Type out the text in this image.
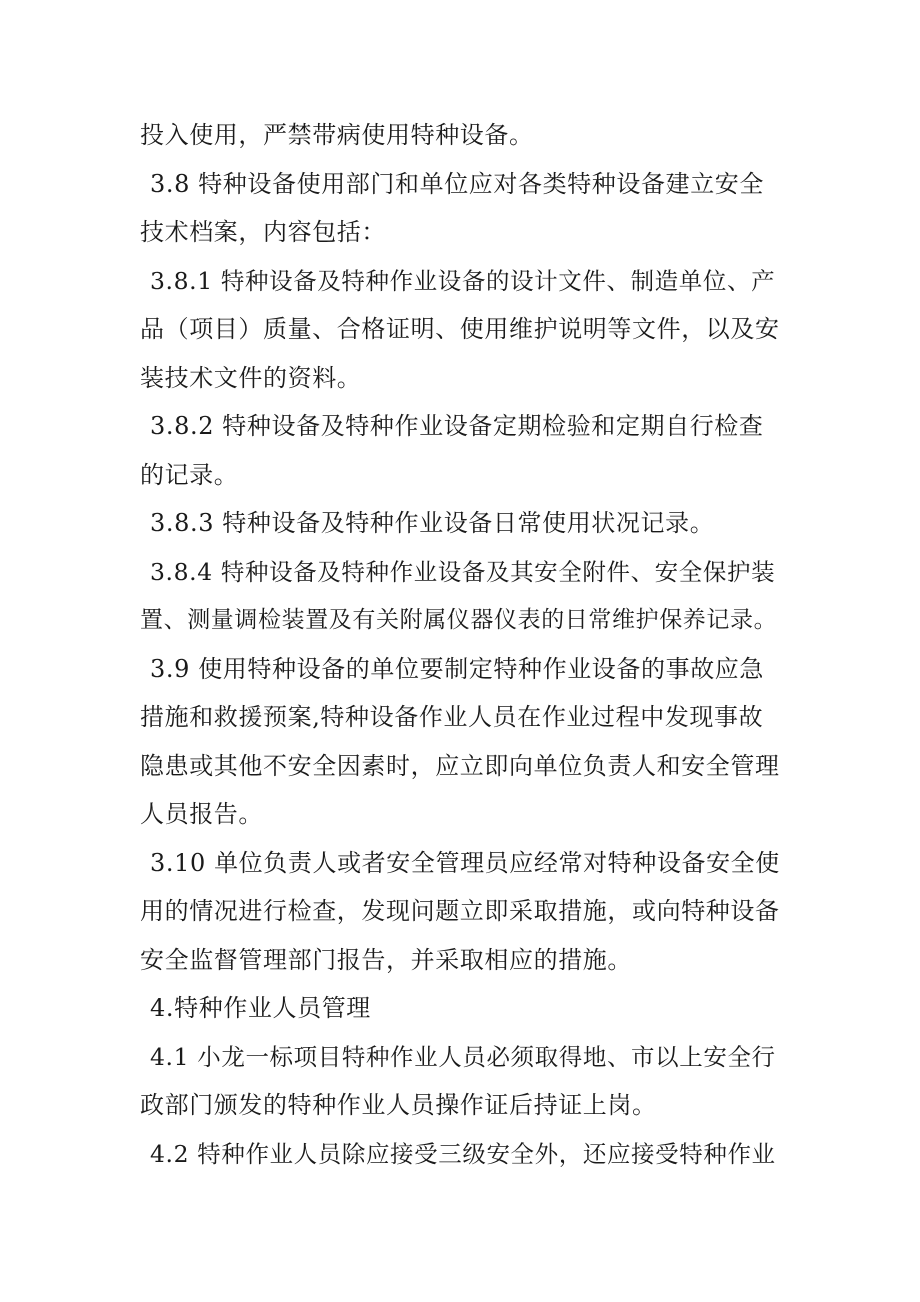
投入使用，严禁带病使用特种设备。
3.8 特种设备使用部门和单位应对各类特种设备建立安全
技术档案，内容包括：
3.8.1 特种设备及特种作业设备的设计文件、制造单位、产
品（项目）质量、合格证明、使用维护说明等文件，以及安
装技术文件的资料。
3.8.2 特种设备及特种作业设备定期检验和定期自行检查
的记录。
3.8.3 特种设备及特种作业设备日常使用状况记录。
3.8.4 特种设备及特种作业设备及其安全附件、安全保护装
置、测量调检装置及有关附属仪器仪表的日常维护保养记录。
3.9 使用特种设备的单位要制定特种作业设备的事故应急
措施和救援预案,特种设备作业人员在作业过程中发现事故
隐患或其他不安全因素时，应立即向单位负责人和安全管理
人员报告。
3.10 单位负责人或者安全管理员应经常对特种设备安全使
用的情况进行检查，发现问题立即采取措施，或向特种设备
安全监督管理部门报告，并采取相应的措施。
4.特种作业人员管理
4.1 小龙一标项目特种作业人员必须取得地、市以上安全行
政部门颁发的特种作业人员操作证后持证上岗。
4.2 特种作业人员除应接受三级安全外，还应接受特种作业
